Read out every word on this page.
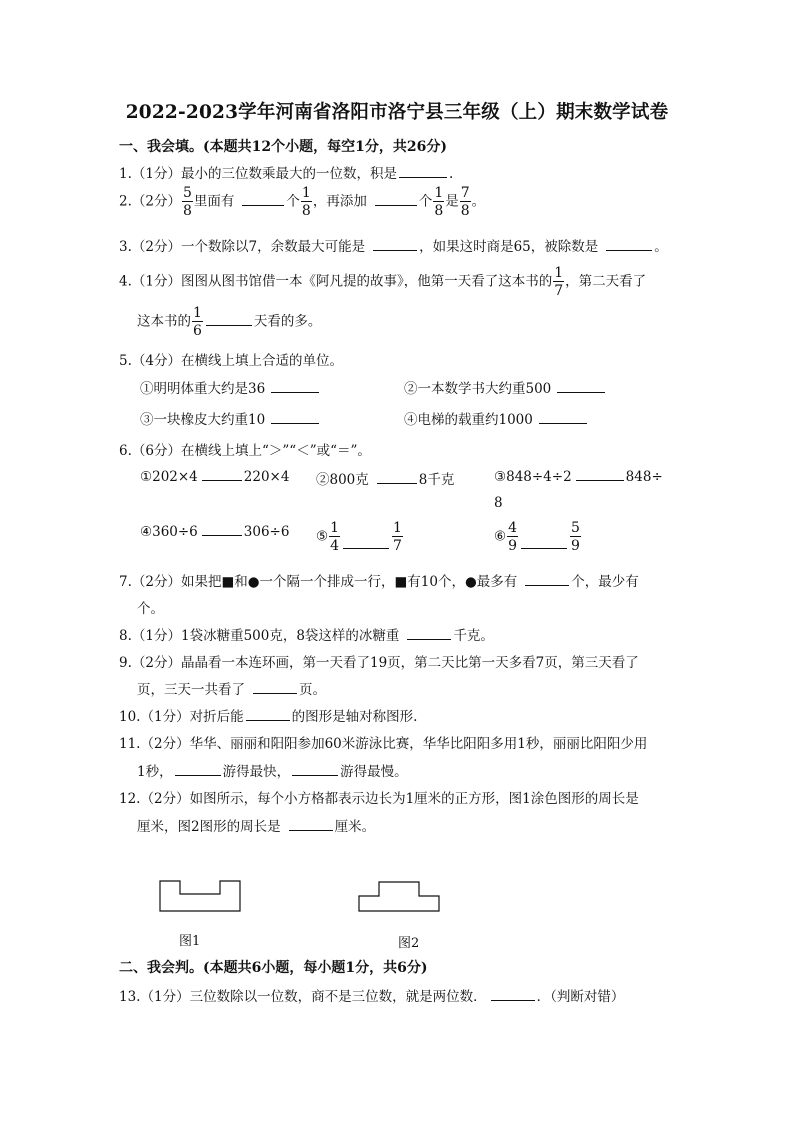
2022-2023学年河南省洛阳市洛宁县三年级（上）期末数学试卷
一、我会填。(本题共12个小题，每空1分，共26分)
1.（1分）最小的三位数乘最大的一位数，积是	.
2.（2分） $\frac{5}{8}$ 里面有	个 $\frac{1}{8}$ ，再添加	个 $\frac{1}{8}$ 是 $\frac{7}{8}$ 。
3.（2分）一个数除以7，余数最大可能是	，如果这时商是65，被除数是	。
4.（1分）图图从图书馆借一本《阿凡提的故事》，他第一天看了这本书的 $\frac{1}{7}$ ，第二天看了
这本书的 $\frac{1}{6}$	天看的多。
5.（4分）在横线上填上合适的单位。
①明明体重大约是36	②一本数学书大约重500
③一块橡皮大约重10	④电梯的载重约1000
6.（6分）在横线上填上“＞”“＜”或“＝”。
①202×4	220×4 ②800克	8千克	③848÷4÷2	848÷
8
④360÷6	306÷6 ⑤ $\frac{1}{4}$	$\frac{1}{7}$	⑥ $\frac{4}{9}$	$\frac{5}{9}$
7.（2分）如果把■和●一个隔一个排成一行，■有10个，●最多有	个，最少有
个。
8.（1分）1袋冰糖重500克，8袋这样的冰糖重	千克。
9.（2分）晶晶看一本连环画，第一天看了19页，第二天比第一天多看7页，第三天看了
页，三天一共看了	页。
10.（1分）对折后能	的图形是轴对称图形.
11.（2分）华华、丽丽和阳阳参加60米游泳比赛，华华比阳阳多用1秒，丽丽比阳阳少用
1秒，	游得最快，	游得最慢。
12.（2分）如图所示，每个小方格都表示边长为1厘米的正方形，图1涂色图形的周长是
厘米，图2图形的周长是	厘米。
图1	图2
二、我会判。(本题共6小题，每小题1分，共6分)
13.（1分）三位数除以一位数，商不是三位数，就是两位数．	．（判断对错）
